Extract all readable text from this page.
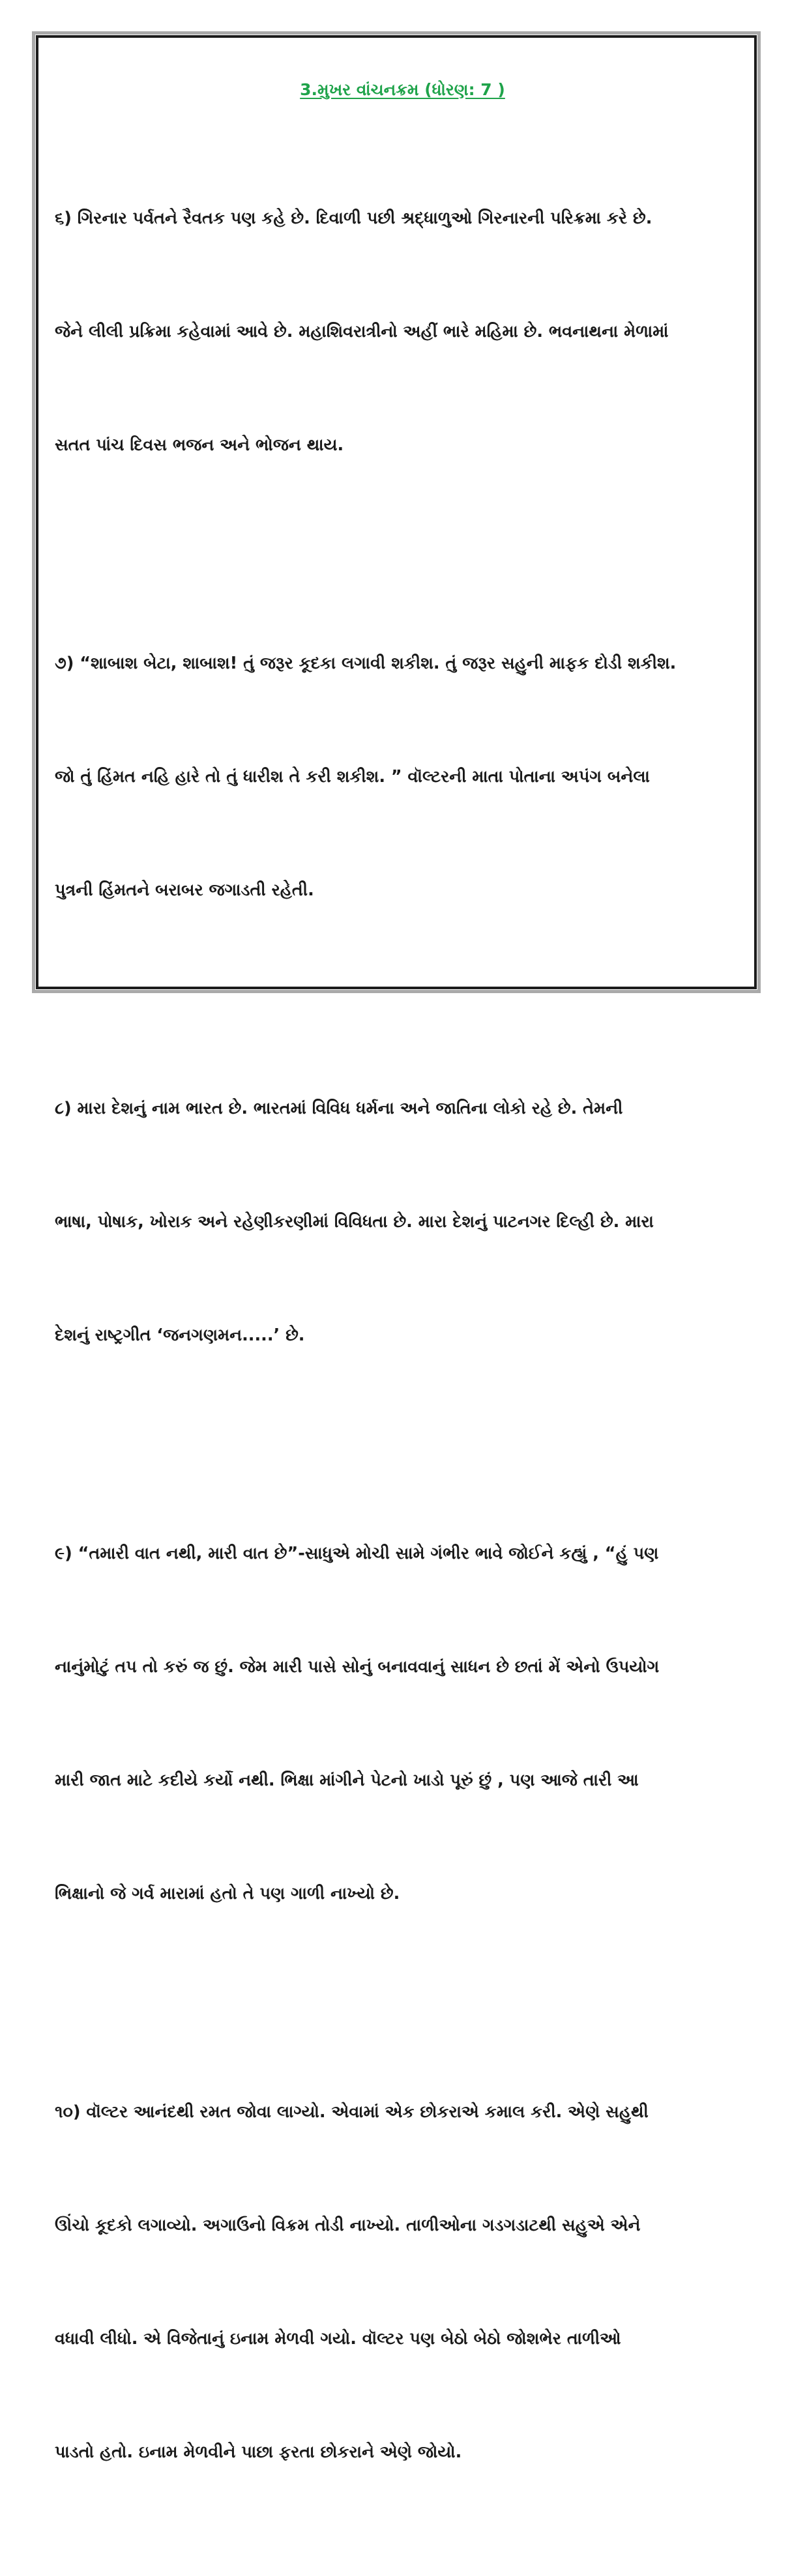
3.મુખર વાંચનક્રમ (ધોરણ: 7 )

૬) ગિરનાર પર્વતને રૈવતક પણ કહે છે. દિવાળી પછી શ્રદ્ધાળુઓ ગિરનારની પરિક્રમા કરે છે.

જેને લીલી પ્રક્રિમા કહેવામાં આવે છે. મહાશિવરાત્રીનો અહીં ભારે મહિમા છે. ભવનાથના મેળામાં

સતત પાંચ દિવસ ભજન અને ભોજન થાય.

૭) “શાબાશ બેટા, શાબાશ! તું જરૂર કૂદકા લગાવી શકીશ. તું જરૂર સહુની માફક દોડી શકીશ.

જો તું હિંમત નહિ હારે તો તું ધારીશ તે કરી શકીશ. ” વૉલ્ટરની માતા પોતાના અપંગ બનેલા

પુત્રની હિંમતને બરાબર જગાડતી રહેતી.

૮) મારા દેશનું નામ ભારત છે. ભારતમાં વિવિધ ધર્મના અને જાતિના લોકો રહે છે. તેમની

ભાષા, પોષાક, ખોરાક અને રહેણીકરણીમાં વિવિધતા છે. મારા દેશનું પાટનગર દિલ્હી છે. મારા

દેશનું રાષ્ટ્રગીત ‘જનગણમન.....’ છે.

૯) “તમારી વાત નથી, મારી વાત છે”-સાધુએ મોચી સામે ગંભીર ભાવે જોઈને કહ્યું , “હું પણ

નાનુંમોટું તપ તો કરું જ છું. જેમ મારી પાસે સોનું બનાવવાનું સાધન છે છતાં મેં એનો ઉપયોગ

મારી જાત માટે કદીયે કર્યો નથી. ભિક્ષા માંગીને પેટનો ખાડો પૂરું છું , પણ આજે તારી આ

ભિક્ષાનો જે ગર્વ મારામાં હતો તે પણ ગાળી નાખ્યો છે.

૧૦) વૉલ્ટર આનંદથી રમત જોવા લાગ્યો. એવામાં એક છોકરાએ કમાલ કરી. એણે સહુથી

ઊંચો કૂદકો લગાવ્યો. અગાઉનો વિક્રમ તોડી નાખ્યો. તાળીઓના ગડગડાટથી સહુએ એને

વધાવી લીધો. એ વિજેતાનું ઇનામ મેળવી ગયો. વૉલ્ટર પણ બેઠો બેઠો જોશભેર તાળીઓ

પાડતો હતો. ઇનામ મેળવીને પાછા ફરતા છોકરાને એણે જોયો.
